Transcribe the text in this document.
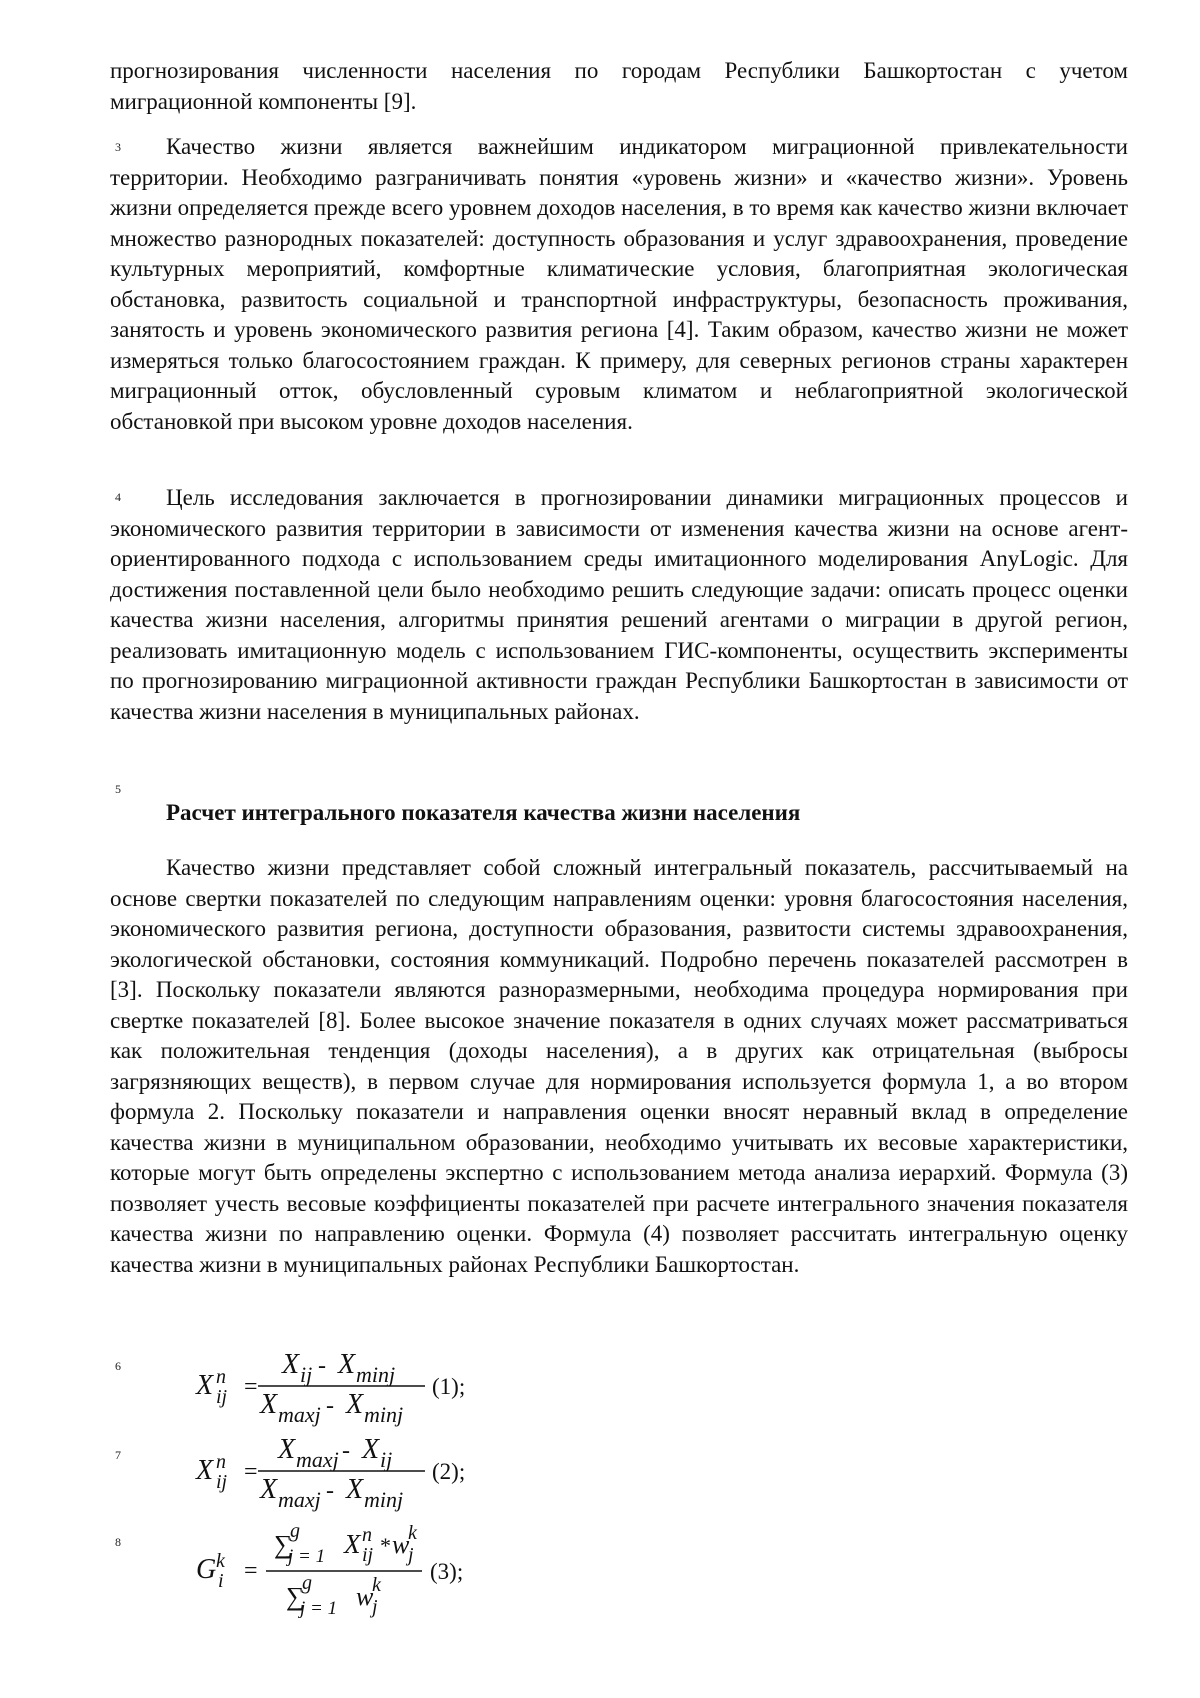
прогнозирования численности населения по городам Республики Башкортостан с учетом миграционной компоненты [9].

3	Качество жизни является важнейшим индикатором миграционной привлекательности территории. Необходимо разграничивать понятия «уровень жизни» и «качество жизни». Уровень жизни определяется прежде всего уровнем доходов населения, в то время как качество жизни включает множество разнородных показателей: доступность образования и услуг здравоохранения, проведение культурных мероприятий, комфортные климатические условия, благоприятная экологическая обстановка, развитость социальной и транспортной инфраструктуры, безопасность проживания, занятость и уровень экономического развития региона [4]. Таким образом, качество жизни не может измеряться только благосостоянием граждан. К примеру, для северных регионов страны характерен миграционный отток, обусловленный суровым климатом и неблагоприятной экологической обстановкой при высоком уровне доходов населения.

4	Цель исследования заключается в прогнозировании динамики миграционных процессов и экономического развития территории в зависимости от изменения качества жизни на основе агент-ориентированного подхода с использованием среды имитационного моделирования AnyLogic. Для достижения поставленной цели было необходимо решить следующие задачи: описать процесс оценки качества жизни населения, алгоритмы принятия решений агентами о миграции в другой регион, реализовать имитационную модель с использованием ГИС-компоненты, осуществить эксперименты по прогнозированию миграционной активности граждан Республики Башкортостан в зависимости от качества жизни населения в муниципальных районах.

5
Расчет интегрального показателя качества жизни населения

Качество жизни представляет собой сложный интегральный показатель, рассчитываемый на основе свертки показателей по следующим направлениям оценки: уровня благосостояния населения, экономического развития региона, доступности образования, развитости системы здравоохранения, экологической обстановки, состояния коммуникаций. Подробно перечень показателей рассмотрен в [3]. Поскольку показатели являются разноразмерными, необходима процедура нормирования при свертке показателей [8]. Более высокое значение показателя в одних случаях может рассматриваться как положительная тенденция (доходы населения), а в других как отрицательная (выбросы загрязняющих веществ), в первом случае для нормирования используется формула 1, а во втором формула 2. Поскольку показатели и направления оценки вносят неравный вклад в определение качества жизни в муниципальном образовании, необходимо учитывать их весовые характеристики, которые могут быть определены экспертно с использованием метода анализа иерархий. Формула (3) позволяет учесть весовые коэффициенты показателей при расчете интегрального значения показателя качества жизни по направлению оценки. Формула (4) позволяет рассчитать интегральную оценку качества жизни в муниципальных районах Республики Башкортостан.

6
X n
ij =
X ij - X minj
X maxj - X minj
(1);
7	X n
ij =
X maxj - X ij
X maxj - X minj
(2);
8
G k
i =
∑
g
j = 1 X n
ij * w
k
j
∑
g
j = 1 w
k
j
(3);
